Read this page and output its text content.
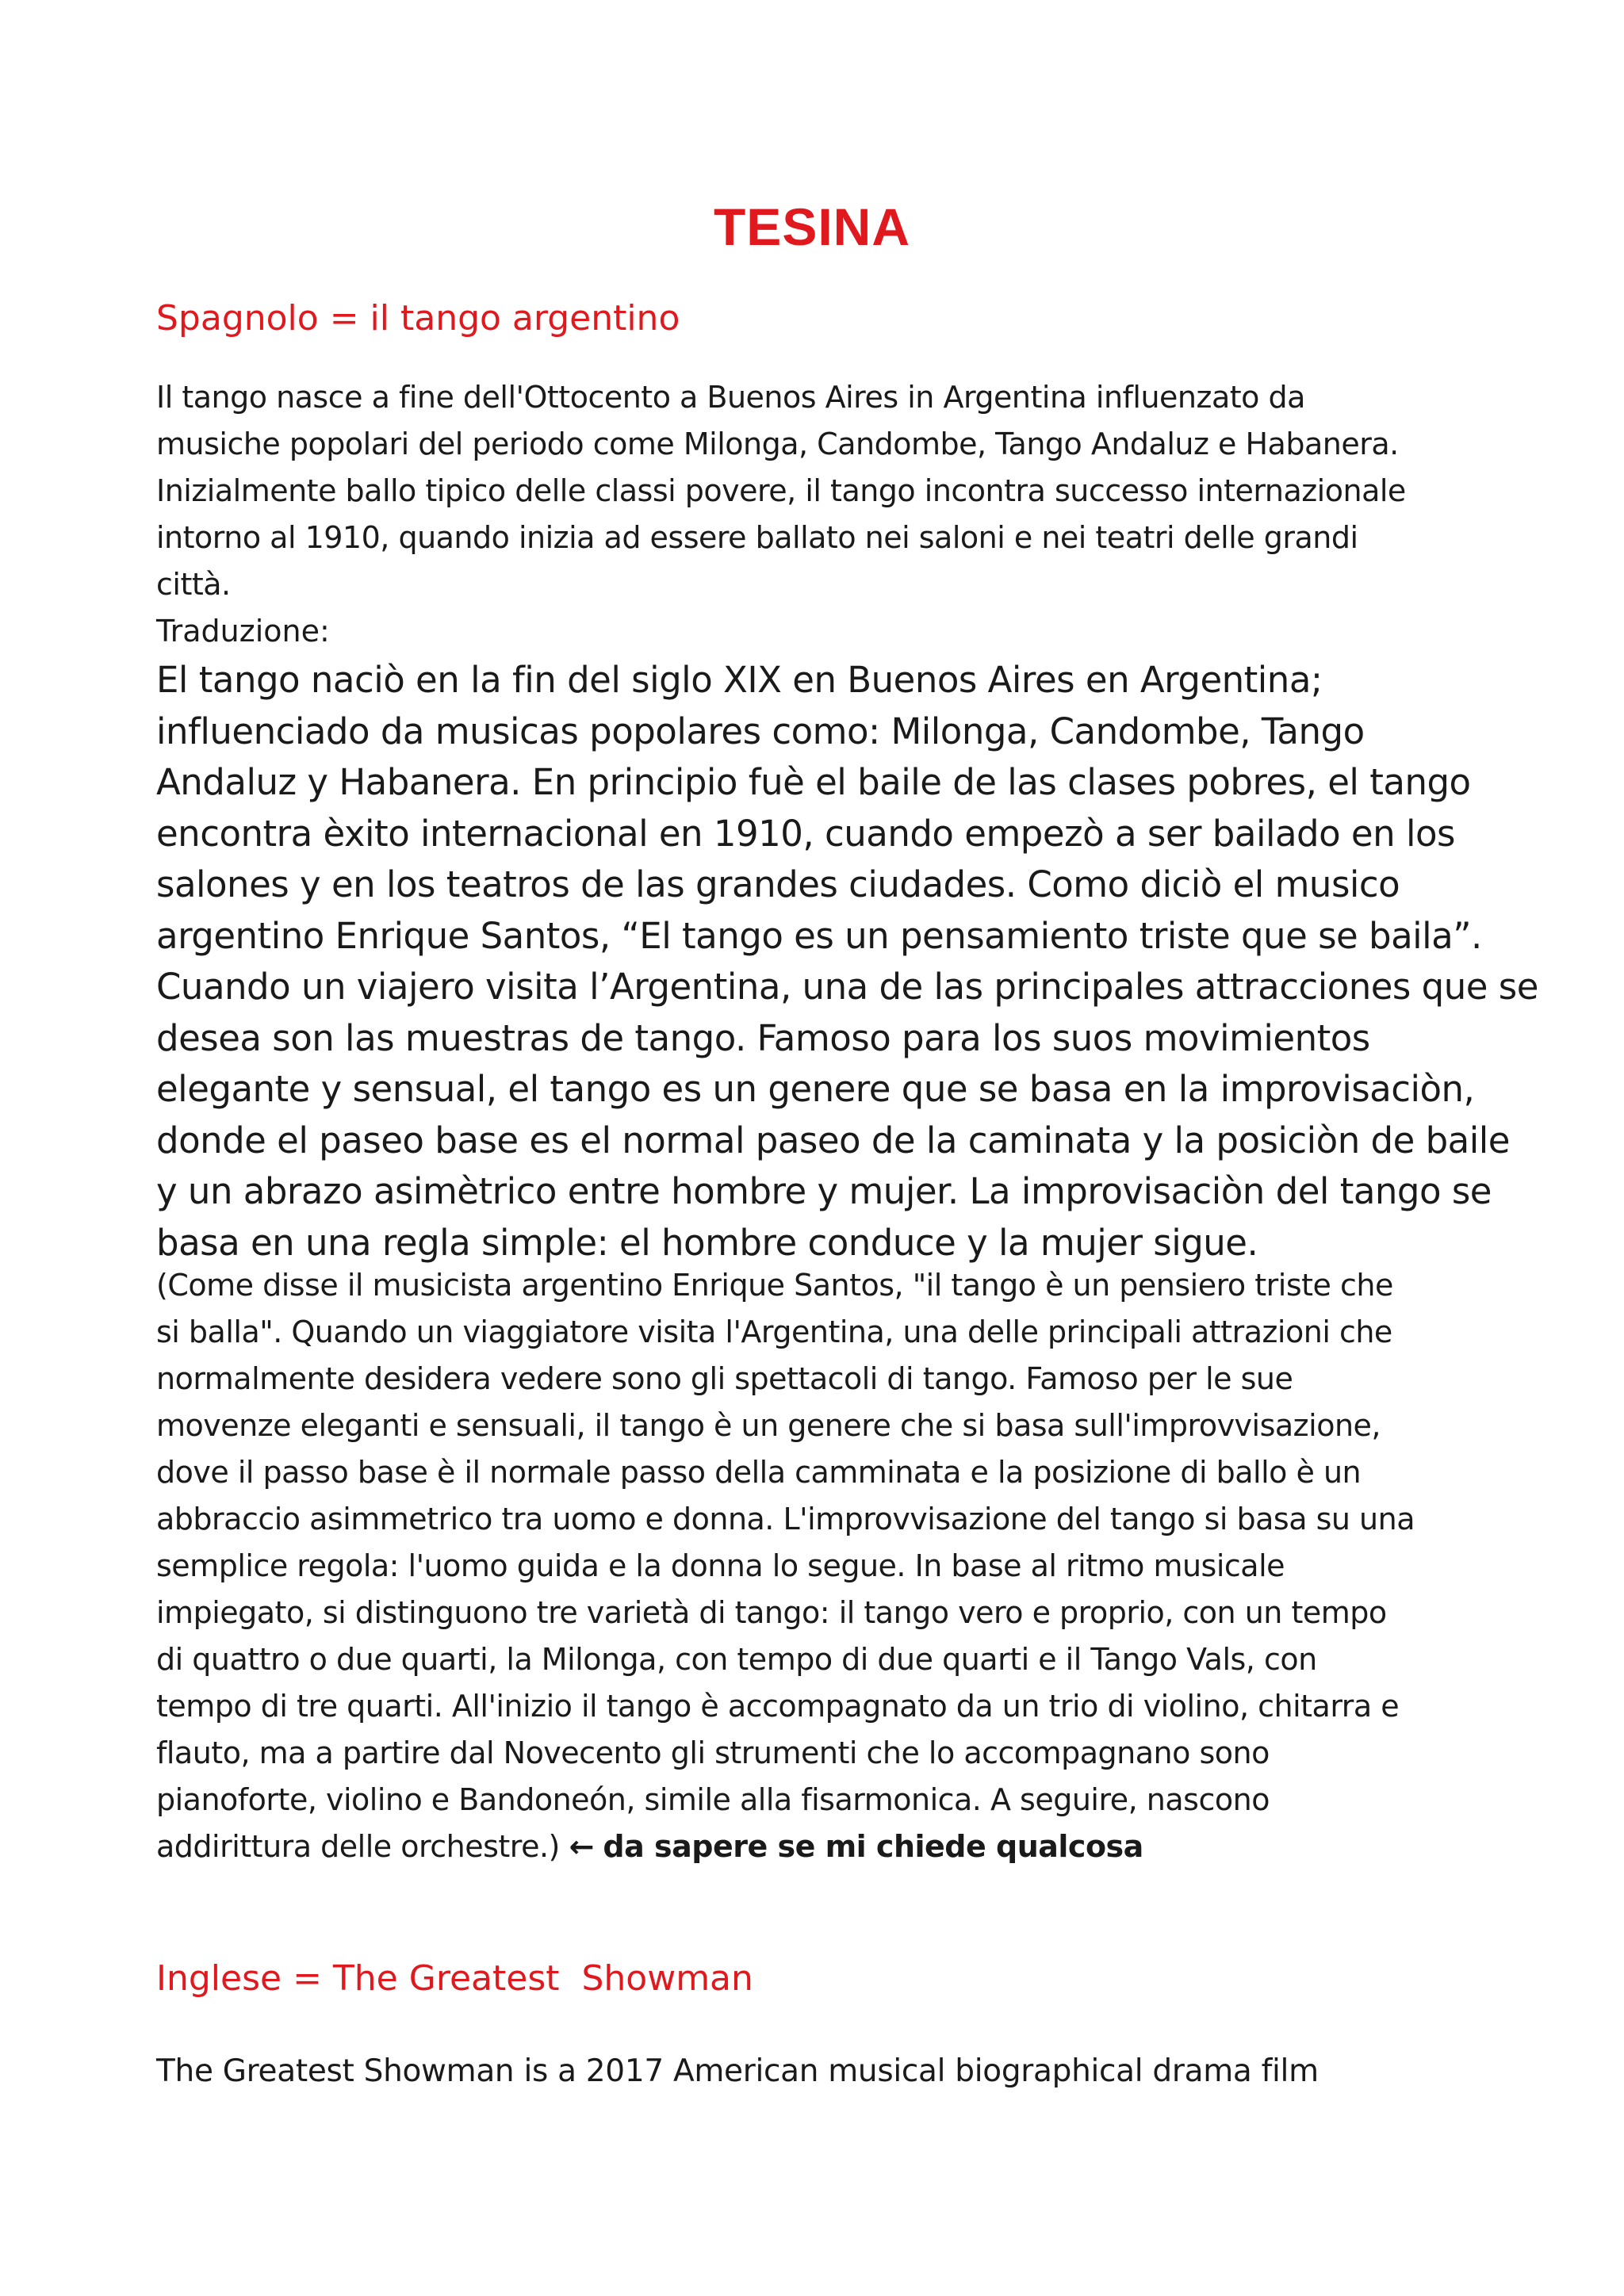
TESINA
Spagnolo = il tango argentino

Il tango nasce a fine dell'Ottocento a Buenos Aires in Argentina influenzato da
musiche popolari del periodo come Milonga, Candombe, Tango Andaluz e Habanera.
Inizialmente ballo tipico delle classi povere, il tango incontra successo internazionale
intorno al 1910, quando inizia ad essere ballato nei saloni e nei teatri delle grandi
città.

Traduzione:

El tango naciò en la fin del siglo XIX en Buenos Aires en Argentina;
influenciado da musicas popolares como: Milonga, Candombe, Tango
Andaluz y Habanera. En principio fuè el baile de las clases pobres, el tango
encontra èxito internacional en 1910, cuando empezò a ser bailado en los
salones y en los teatros de las grandes ciudades. Como diciò el musico
argentino Enrique Santos, “El tango es un pensamiento triste que se baila”.
Cuando un viajero visita l’Argentina, una de las principales attracciones que se
desea son las muestras de tango. Famoso para los suos movimientos
elegante y sensual, el tango es un genere que se basa en la improvisaciòn,
donde el paseo base es el normal paseo de la caminata y la posiciòn de baile
y un abrazo asimètrico entre hombre y mujer. La improvisaciòn del tango se
basa en una regla simple: el hombre conduce y la mujer sigue.

(Come disse il musicista argentino Enrique Santos, "il tango è un pensiero triste che
si balla". Quando un viaggiatore visita l'Argentina, una delle principali attrazioni che
normalmente desidera vedere sono gli spettacoli di tango. Famoso per le sue
movenze eleganti e sensuali, il tango è un genere che si basa sull'improvvisazione,
dove il passo base è il normale passo della camminata e la posizione di ballo è un
abbraccio asimmetrico tra uomo e donna. L'improvvisazione del tango si basa su una
semplice regola: l'uomo guida e la donna lo segue. In base al ritmo musicale
impiegato, si distinguono tre varietà di tango: il tango vero e proprio, con un tempo
di quattro o due quarti, la Milonga, con tempo di due quarti e il Tango Vals, con
tempo di tre quarti. All'inizio il tango è accompagnato da un trio di violino, chitarra e
flauto, ma a partire dal Novecento gli strumenti che lo accompagnano sono
pianoforte, violino e Bandoneón, simile alla fisarmonica. A seguire, nascono
addirittura delle orchestre.) ← da sapere se mi chiede qualcosa

Inglese = The Greatest  Showman

The Greatest Showman is a 2017 American musical biographical drama film
